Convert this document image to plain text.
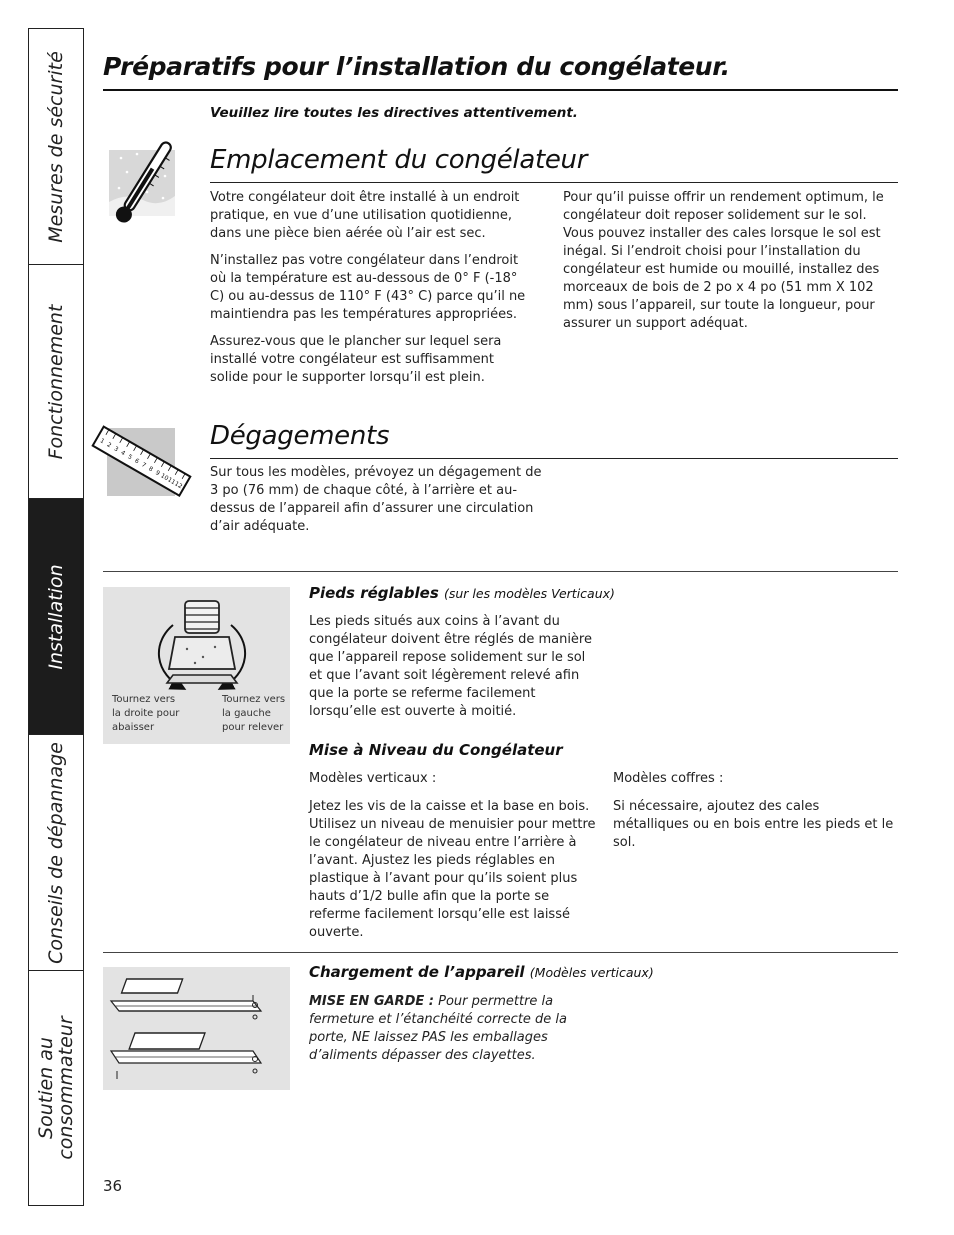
Mesures de sécurité
Fonctionnement
Installation
Conseils de dépannage
Soutien au
consommateur
Préparatifs pour l’installation du congélateur.
Veuillez lire toutes les directives attentivement.
Emplacement du congélateur

Votre congélateur doit être installé à un endroit pratique, en vue d’une utilisation quotidienne, dans une pièce bien aérée où l’air est sec.

N’installez pas votre congélateur dans l’endroit où la température est au-dessous de 0° F (-18° C) ou au-dessus de 110° F (43° C) parce qu’il ne maintiendra pas les températures appropriées.

Assurez-vous que le plancher sur lequel sera installé votre congélateur est suffisamment solide pour le supporter lorsqu’il est plein.

Pour qu’il puisse offrir un rendement optimum, le congélateur doit reposer solidement sur le sol. Vous pouvez installer des cales lorsque le sol est inégal. Si l’endroit choisi pour l’installation du congélateur est humide ou mouillé, installez des morceaux de bois de 2 po x 4 po (51 mm X 102 mm) sous l’appareil, sur toute la longueur, pour assurer un support adéquat.

1
2
3
4
5
6
7
8
9
10
11
12
Dégagements

Sur tous les modèles, prévoyez un dégagement de 3 po (76 mm) de chaque côté, à l’arrière et au-dessus de l’appareil afin d’assurer une circulation d’air adéquate.

Tournez vers la droite pour abaisser
Tournez vers la gauche pour relever
Pieds réglables (sur les modèles Verticaux)

Les pieds situés aux coins à l’avant du congélateur doivent être réglés de manière que l’appareil repose solidement sur le sol et que l’avant soit légèrement relevé afin que la porte se referme facilement lorsqu’elle est ouverte à moitié.

Mise à Niveau du Congélateur

Modèles verticaux :

Jetez les vis de la caisse et la base en bois. Utilisez un niveau de menuisier pour mettre le congélateur de niveau entre l’arrière à l’avant. Ajustez les pieds réglables en plastique à l’avant pour qu’ils soient plus hauts d’1/2 bulle afin que la porte se referme facilement lorsqu’elle est laissé ouverte.

Modèles coffres :

Si nécessaire, ajoutez des cales métalliques ou en bois entre les pieds et le sol.

Chargement de l’appareil (Modèles verticaux)

MISE EN GARDE : Pour permettre la fermeture et l’étanchéité correcte de la porte, NE laissez PAS les emballages d’aliments dépasser des clayettes.

36
